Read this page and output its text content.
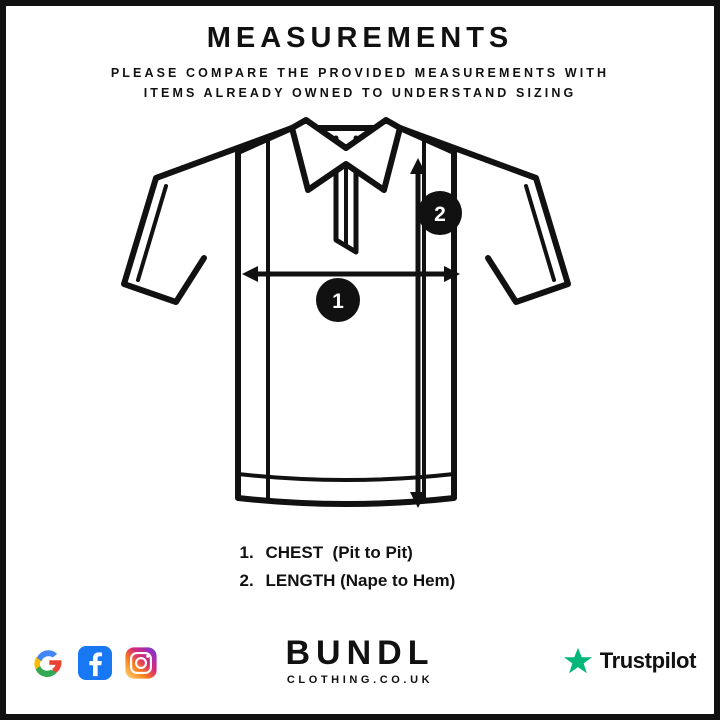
MEASUREMENTS
PLEASE COMPARE THE PROVIDED MEASUREMENTS WITH
ITEMS ALREADY OWNED TO UNDERSTAND SIZING
1
2
1. CHEST  (Pit to Pit)
2. LENGTH (Nape to Hem)
BUNDL
CLOTHING.CO.UK
Trustpilot
